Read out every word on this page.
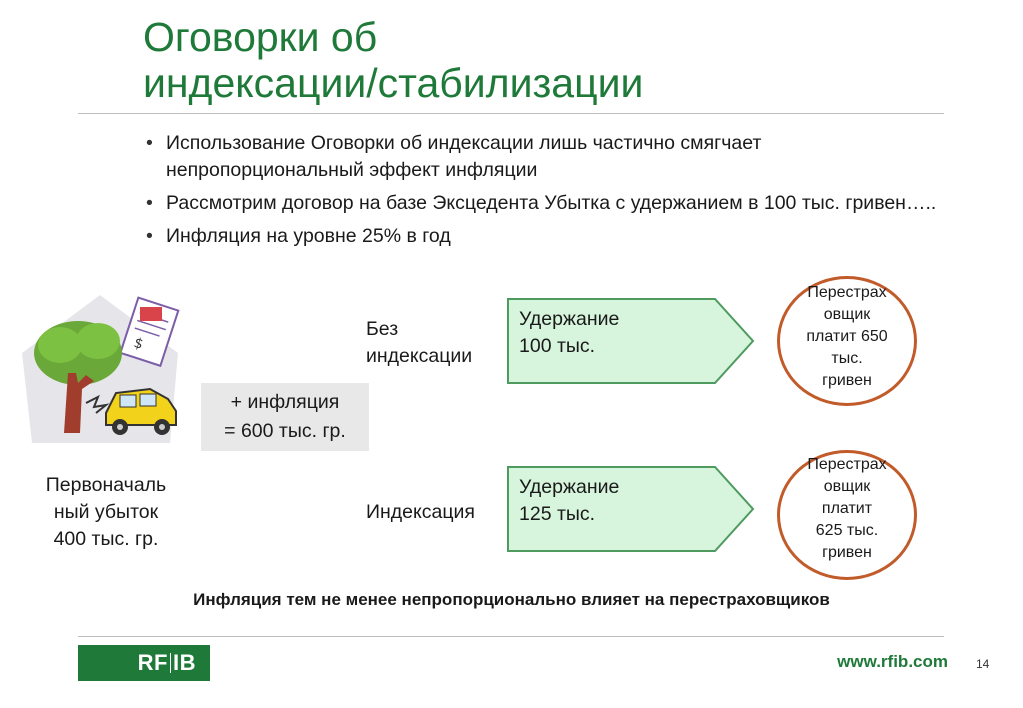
Оговорки об
индексации/стабилизации
• Использование Оговорки об индексации лишь частично смягчает непропорциональный эффект инфляции
• Рассмотрим договор на базе Эксцедента Убытка с удержанием в 100 тыс. гривен…..
• Инфляция на уровне 25% в год
$
Первоначаль
ный убыток
400 тыс. гр.
+ инфляция
= 600 тыс. гр.
Без
индексации
Удержание
100 тыс.
Перестрах
овщик
платит 650
тыс.
гривен
Индексация
Удержание
125 тыс.
Перестрах
овщик
платит
625 тыс.
гривен
Инфляция тем не менее непропорционально влияет на перестраховщиков
RF IB	www.rfib.com 14
